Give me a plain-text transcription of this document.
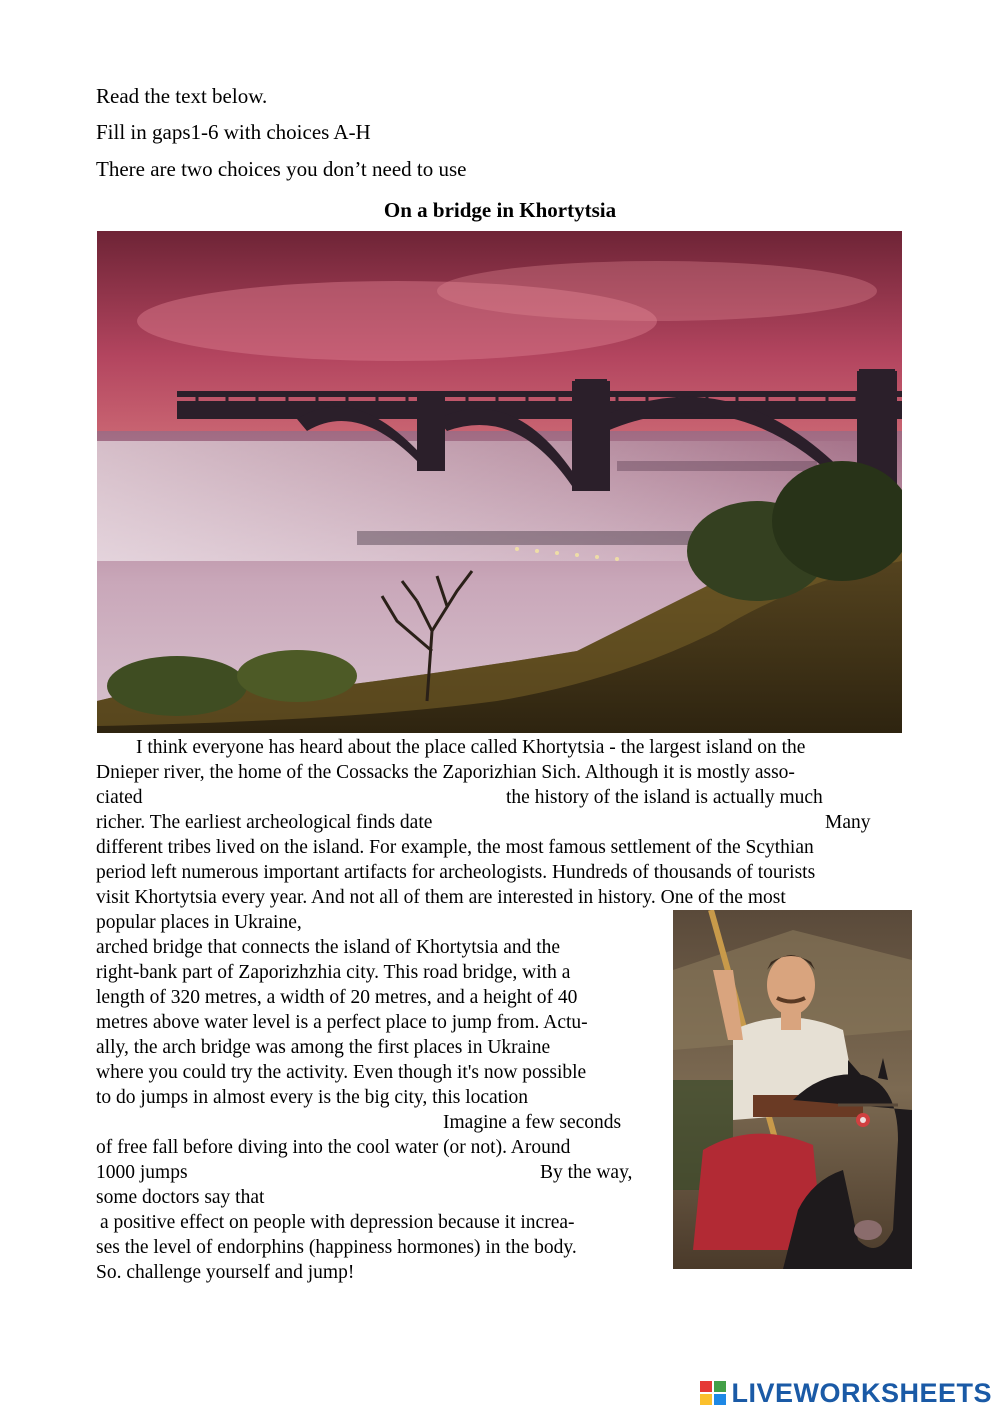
Read the text below.
Fill in gaps1-6 with choices A-H
There are two choices you don’t need to use
On a bridge in Khortytsia
I think everyone has heard about the place called Khortytsia - the largest island on the
Dnieper river, the home of the Cossacks the Zaporizhian Sich. Although it is mostly asso-
ciated	the history of the island is actually much
richer. The earliest archeological finds date	Many
different tribes lived on the island. For example, the most famous settlement of the Scythian
period left numerous important artifacts for archeologists. Hundreds of thousands of tourists
visit Khortytsia every year. And not all of them are interested in history. One of the most
popular places in Ukraine,
arched bridge that connects the island of Khortytsia and the
right-bank part of Zaporizhzhia city. This road bridge, with a
length of 320 metres, a width of 20 metres, and a height of 40
metres above water level is a perfect place to jump from. Actu-
ally, the arch bridge was among the first places in Ukraine
where you could try the activity. Even though it's now possible
to do jumps in almost every is the big city, this location
Imagine a few seconds
of free fall before diving into the cool water (or not). Around
1000 jumps	By the way,
some doctors say that
a positive effect on people with depression because it increa-
ses the level of endorphins (happiness hormones) in the body.
So. challenge yourself and jump!
LIVEWORKSHEETS
